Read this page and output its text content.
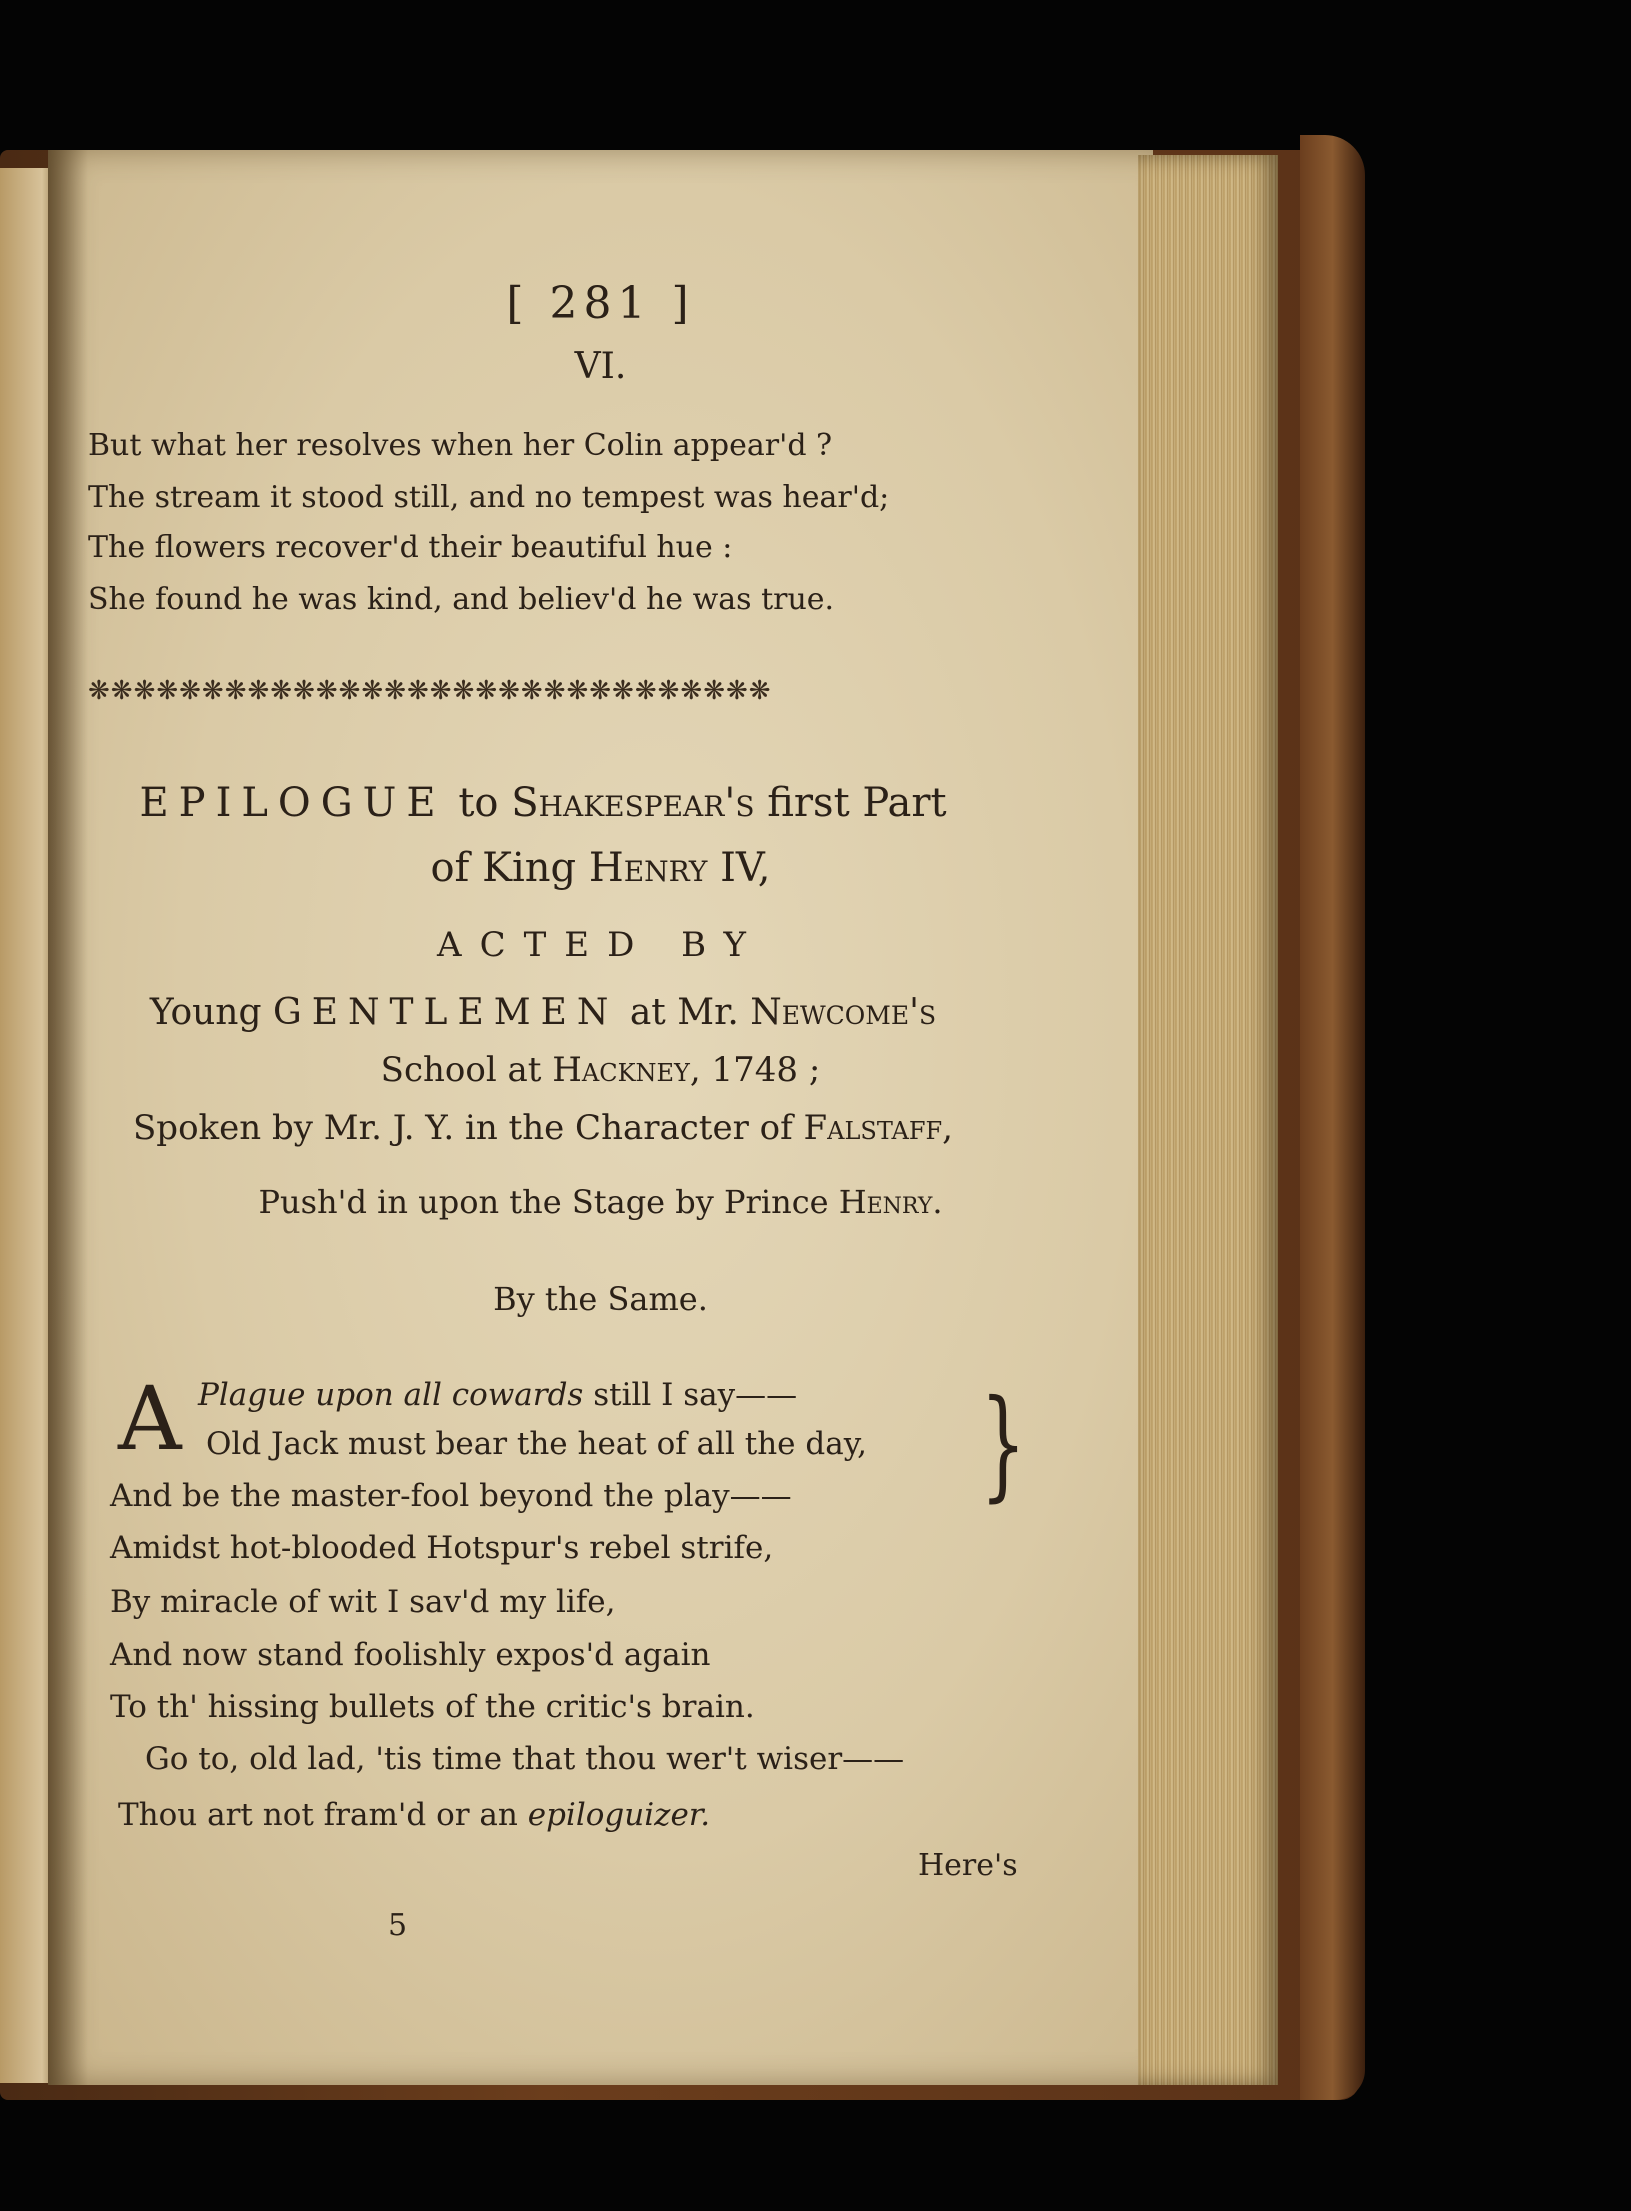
[ 281 ]

VI.

But what her resolves when her Colin appear'd ?

The stream it stood still, and no tempest was hear'd;

The flowers recover'd their beautiful hue :

She found he was kind, and believ'd he was true.

❋❋❋❋❋❋❋❋❋❋❋❋❋❋❋❋❋❋❋❋❋❋❋❋❋❋❋❋❋❋

EPILOGUE to Shakespear's first Part

of King Henry IV,

ACTED BY

Young GENTLEMEN at Mr. Newcome's

School at Hackney, 1748 ;

Spoken by Mr. J. Y. in the Character of Falstaff,

Push'd in upon the Stage by Prince Henry.

By the Same.

A Plague upon all cowards still I say——

Old Jack must bear the heat of all the day,

And be the master-fool beyond the play——

Amidst hot-blooded Hotspur's rebel strife,

By miracle of wit I sav'd my life,

And now stand foolishly expos'd again

To th' hissing bullets of the critic's brain.

Go to, old lad, 'tis time that thou wer't wiser——

Thou art not fram'd or an epiloguizer.

}

Here's

5
